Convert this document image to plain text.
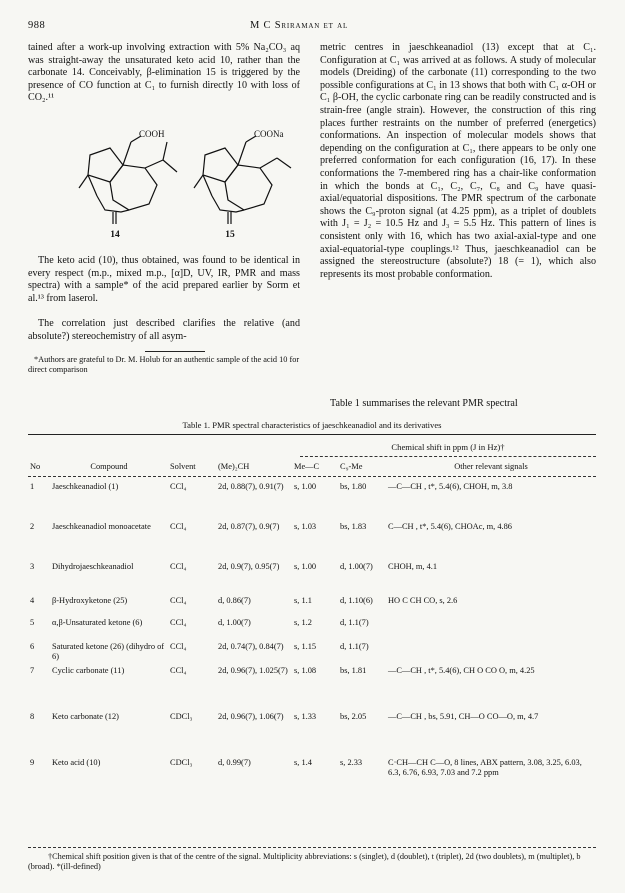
988	M C Sriraman et al
tained after a work-up involving extraction with 5% Na₂CO₃ aq was straight-away the unsaturated keto acid 10, rather than the carbonate 14. Conceivably, β-elimination 15 is triggered by the presence of CO function at C₁ to furnish directly 10 with loss of CO₂.¹¹
COOH	COONa
14	15
The keto acid (10), thus obtained, was found to be identical in every respect (m.p., mixed m.p., [α]D, UV, IR, PMR and mass spectra) with a sample* of the acid prepared earlier by Sorm et al.¹³ from laserol.
The correlation just described clarifies the relative (and absolute?) stereochemistry of all asym-
*Authors are grateful to Dr. M. Holub for an authentic sample of the acid 10 for direct comparison
metric centres in jaeschkeanadiol (13) except that at C₁. Configuration at C₁ was arrived at as follows. A study of molecular models (Dreiding) of the carbonate (11) corresponding to the two possible configurations at C₁ in 13 shows that both with C₁ α-OH or C₁ β-OH, the cyclic carbonate ring can be readily constructed and is strain-free (angle strain). However, the construction of this ring places further restraints on the number of preferred (energetics) conformations. An inspection of molecular models shows that depending on the configuration at C₁, there appears to be only one preferred conformation for each configuration (16, 17). In these conformations the 7-membered ring has a chair-like conformation in which the bonds at C₁, C₂, C₇, C₈ and C₉ have quasi-axial/equatorial dispositions. The PMR spectrum of the carbonate shows the C₉-proton signal (at 4.25 ppm), as a triplet of doublets with J₁ = J₂ = 10.5 Hz and J₃ = 5.5 Hz. This pattern of lines is consistent only with 16, which has two axial-axial-type and one axial-equatorial-type couplings.¹² Thus, jaeschkeanadiol can be assigned the stereostructure (absolute?) 18 (= 1), which also represents its most probable conformation.
Table 1 summarises the relevant PMR spectral
Table 1. PMR spectral characteristics of jaeschkeanadiol and its derivatives
Chemical shift in ppm (J in Hz)†
No	Compound	Solvent	(Me)₂CH	Me—C	C₉-Me	Other relevant signals

1	Jaeschkeanadiol (1)	CCl₄	2d, 0.88(7), 0.91(7)	s, 1.00	bs, 1.80	—C—CH , t*, 5.4(6), CHOH, m, 3.8
2	Jaeschkeanadiol monoacetate	CCl₄	2d, 0.87(7), 0.9(7)	s, 1.03	bs, 1.83	C—CH , t*, 5.4(6), CHOAc, m, 4.86
3	Dihydrojaeschkeanadiol	CCl₄	2d, 0.9(7), 0.95(7)	s, 1.00	d, 1.00(7)	CHOH, m, 4.1
4	β-Hydroxyketone (25)	CCl₄	d, 0.86(7)	s, 1.1	d, 1.10(6)	HO C CH CO, s, 2.6
5	α,β-Unsaturated ketone (6)	CCl₄	d, 1.00(7)	s, 1.2	d, 1.1(7)	
6	Saturated ketone (26) (dihydro of 6)	CCl₄	2d, 0.74(7), 0.84(7)	s, 1.15	d, 1.1(7)	
7	Cyclic carbonate (11)	CCl₄	2d, 0.96(7), 1.025(7)	s, 1.08	bs, 1.81	—C—CH , t*, 5.4(6), CH O CO O, m, 4.25
8	Keto carbonate (12)	CDCl₃	2d, 0.96(7), 1.06(7)	s, 1.33	bs, 2.05	—C—CH , bs, 5.91, CH—O CO—O, m, 4.7
9	Keto acid (10)	CDCl₃	d, 0.99(7)	s, 1.4	s, 2.33	C·CH—CH C—O, 8 lines, ABX pattern, 3.08, 3.25, 6.03, 6.3, 6.76, 6.93, 7.03 and 7.2 ppm
†Chemical shift position given is that of the centre of the signal. Multiplicity abbreviations: s (singlet), d (doublet), t (triplet), 2d (two doublets), m (multiplet), b (broad). *(ill-defined)
